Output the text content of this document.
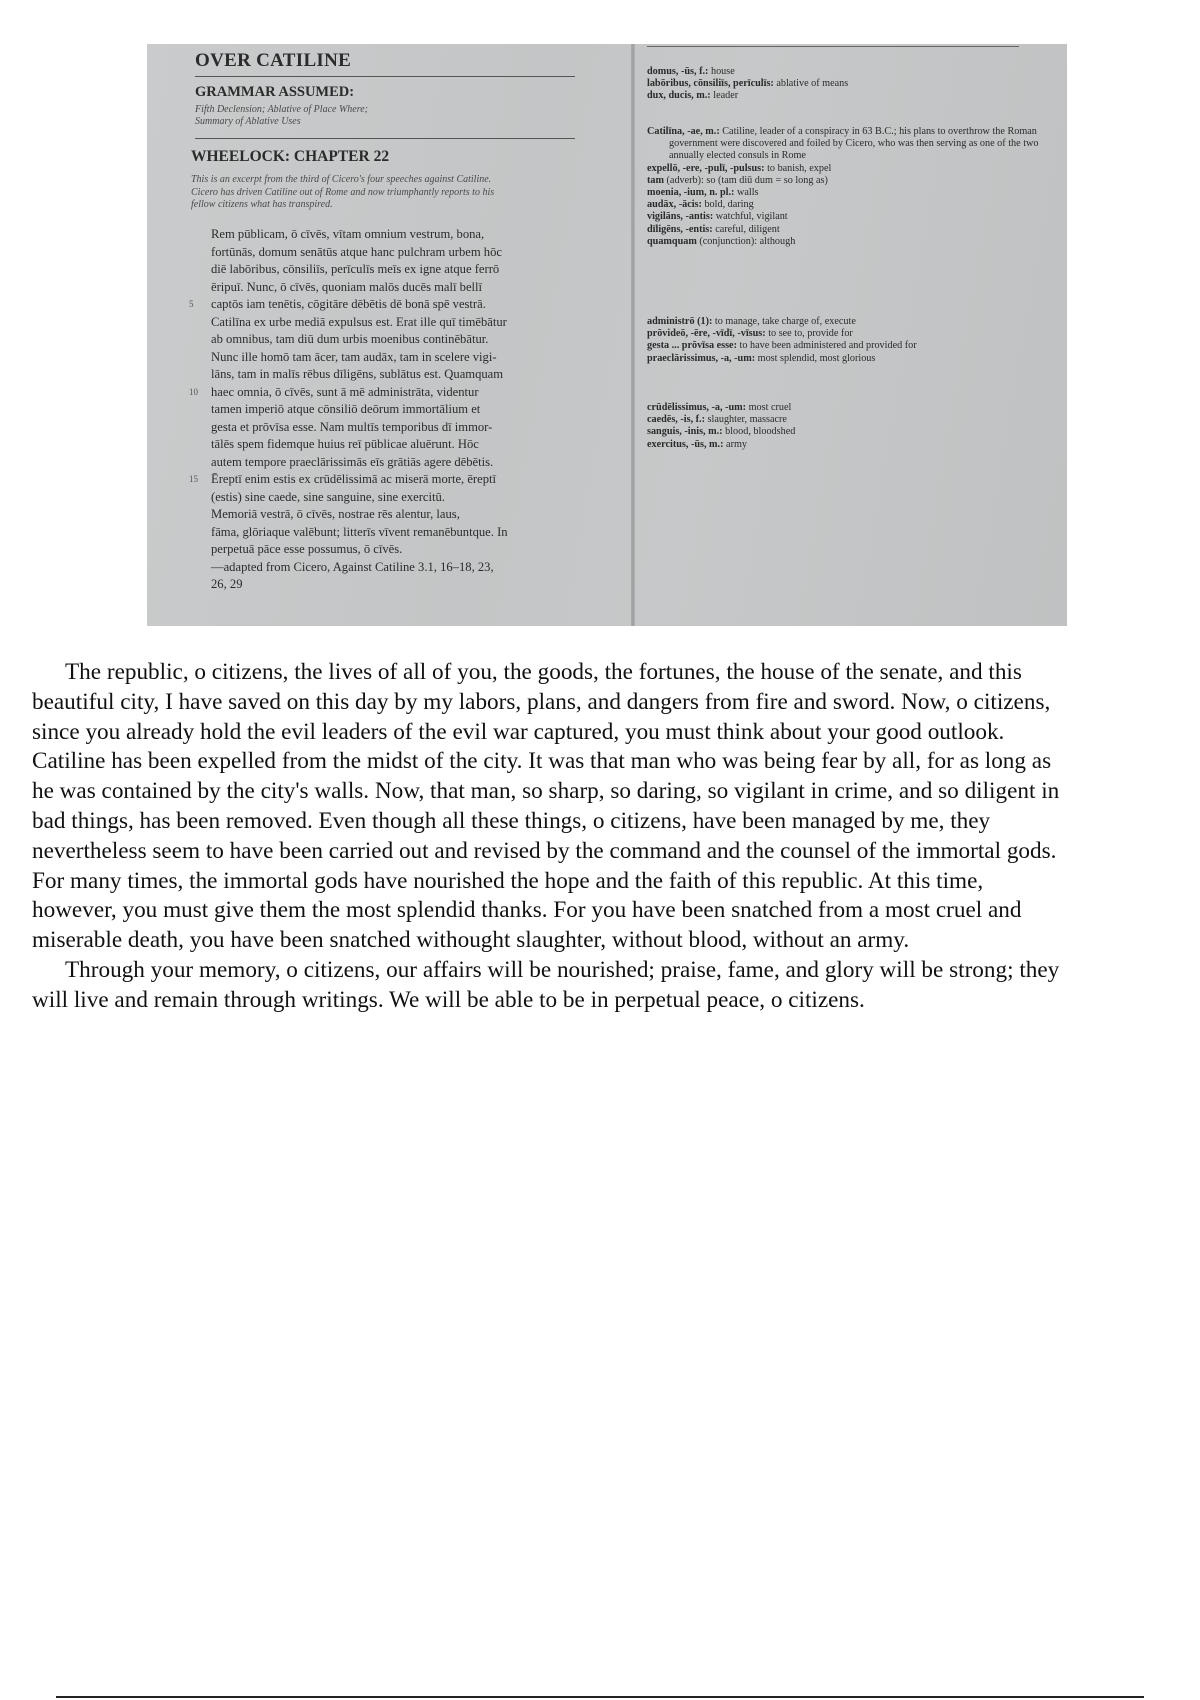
OVER CATILINE
GRAMMAR ASSUMED:
Fifth Declension; Ablative of Place Where;
Summary of Ablative Uses
WHEELOCK: CHAPTER 22
This is an excerpt from the third of Cicero's four speeches against Catiline.
Cicero has driven Catiline out of Rome and now triumphantly reports to his
fellow citizens what has transpired.
Rem pūblicam, ō cīvēs, vītam omnium vestrum, bona,
fortūnās, domum senātūs atque hanc pulchram urbem hōc
diē labōribus, cōnsiliīs, perīculīs meīs ex igne atque ferrō
ēripuī. Nunc, ō cīvēs, quoniam malōs ducēs malī bellī
5 captōs iam tenētis, cōgitāre dēbētis dē bonā spē vestrā.
Catilīna ex urbe mediā expulsus est. Erat ille quī timēbātur
ab omnibus, tam diū dum urbis moenibus continēbātur.
Nunc ille homō tam ācer, tam audāx, tam in scelere vigi-
lāns, tam in malīs rēbus dīligēns, sublātus est. Quamquam
10 haec omnia, ō cīvēs, sunt ā mē administrāta, videntur
tamen imperiō atque cōnsiliō deōrum immortālium et
gesta et prōvīsa esse. Nam multīs temporibus dī immor-
tālēs spem fidemque huius reī pūblicae aluērunt. Hōc
autem tempore praeclārissimās eīs grātiās agere dēbētis.
15 Ēreptī enim estis ex crūdēlissimā ac miserā morte, ēreptī
(estis) sine caede, sine sanguine, sine exercitū.
Memoriā vestrā, ō cīvēs, nostrae rēs alentur, laus,
fāma, glōriaque valēbunt; litterīs vīvent remanēbuntque. In
perpetuā pāce esse possumus, ō cīvēs.
—adapted from Cicero, Against Catiline 3.1, 16–18, 23,
26, 29
domus, -ūs, f.: house
labōribus, cōnsiliīs, perīculīs: ablative of means
dux, ducis, m.: leader
Catilīna, -ae, m.: Catiline, leader of a conspiracy in 63 B.C.; his plans to overthrow the Roman government were discovered and foiled by Cicero, who was then serving as one of the two annually elected consuls in Rome
expellō, -ere, -pulī, -pulsus: to banish, expel
tam (adverb): so (tam diū dum = so long as)
moenia, -ium, n. pl.: walls
audāx, -ācis: bold, daring
vigilāns, -antis: watchful, vigilant
dīligēns, -entis: careful, diligent
quamquam (conjunction): although
administrō (1): to manage, take charge of, execute
prōvideō, -ēre, -vīdī, -vīsus: to see to, provide for
gesta ... prōvīsa esse: to have been administered and provided for
praeclārissimus, -a, -um: most splendid, most glorious
crūdēlissimus, -a, -um: most cruel
caedēs, -is, f.: slaughter, massacre
sanguis, -inis, m.: blood, bloodshed
exercitus, -ūs, m.: army

The republic, o citizens, the lives of all of you, the goods, the fortunes, the house of the senate, and this
beautiful city, I have saved on this day by my labors, plans, and dangers from fire and sword. Now, o citizens,
since you already hold the evil leaders of the evil war captured, you must think about your good outlook.
Catiline has been expelled from the midst of the city. It was that man who was being fear by all, for as long as
he was contained by the city's walls. Now, that man, so sharp, so daring, so vigilant in crime, and so diligent in
bad things, has been removed. Even though all these things, o citizens, have been managed by me, they
nevertheless seem to have been carried out and revised by the command and the counsel of the immortal gods.
For many times, the immortal gods have nourished the hope and the faith of this republic. At this time,
however, you must give them the most splendid thanks. For you have been snatched from a most cruel and
miserable death, you have been snatched withought slaughter, without blood, without an army.

Through your memory, o citizens, our affairs will be nourished; praise, fame, and glory will be strong; they
will live and remain through writings. We will be able to be in perpetual peace, o citizens.
